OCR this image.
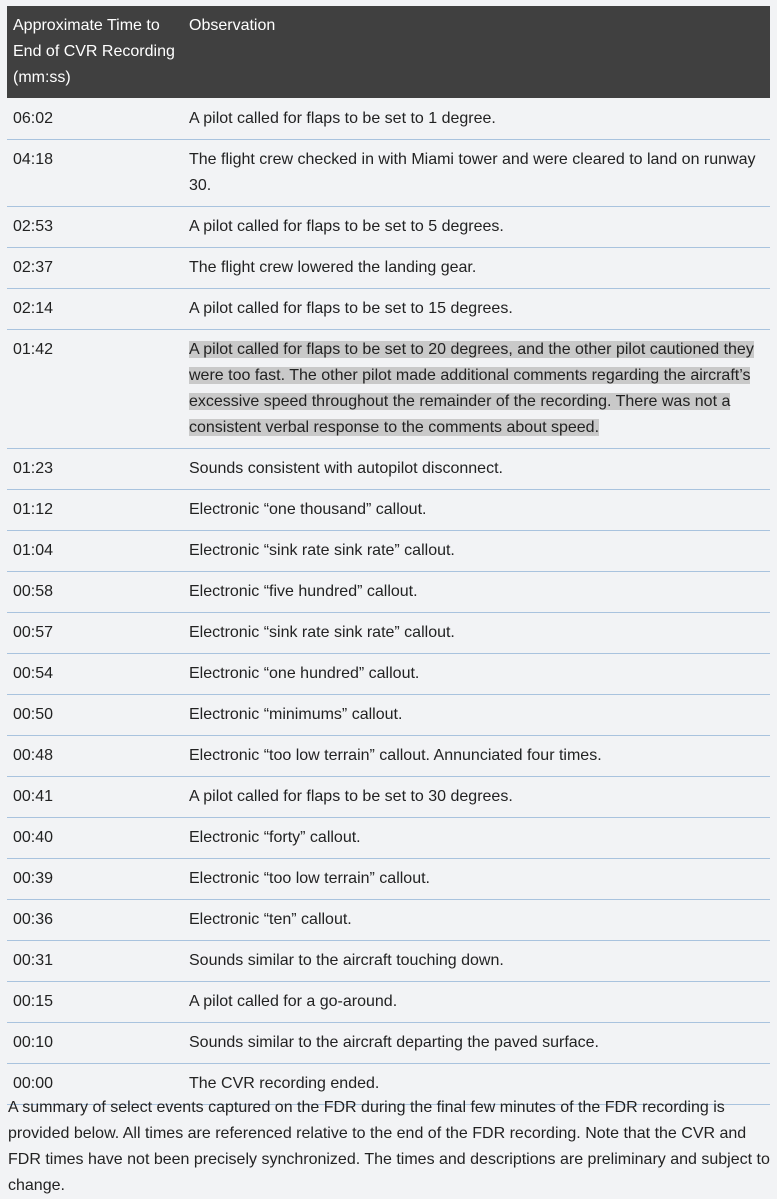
Approximate Time to End of CVR Recording (mm:ss)	Observation
06:02	A pilot called for flaps to be set to 1 degree.
04:18	The flight crew checked in with Miami tower and were cleared to land on runway 30.
02:53	A pilot called for flaps to be set to 5 degrees.
02:37	The flight crew lowered the landing gear.
02:14	A pilot called for flaps to be set to 15 degrees.
01:42	A pilot called for flaps to be set to 20 degrees, and the other pilot cautioned they were too fast. The other pilot made additional comments regarding the aircraft’s excessive speed throughout the remainder of the recording. There was not a consistent verbal response to the comments about speed.
01:23	Sounds consistent with autopilot disconnect.
01:12	Electronic “one thousand” callout.
01:04	Electronic “sink rate sink rate” callout.
00:58	Electronic “five hundred” callout.
00:57	Electronic “sink rate sink rate” callout.
00:54	Electronic “one hundred” callout.
00:50	Electronic “minimums” callout.
00:48	Electronic “too low terrain” callout. Annunciated four times.
00:41	A pilot called for flaps to be set to 30 degrees.
00:40	Electronic “forty” callout.
00:39	Electronic “too low terrain” callout.
00:36	Electronic “ten” callout.
00:31	Sounds similar to the aircraft touching down.
00:15	A pilot called for a go-around.
00:10	Sounds similar to the aircraft departing the paved surface.
00:00	The CVR recording ended.

A summary of select events captured on the FDR during the final few minutes of the FDR recording is provided below. All times are referenced relative to the end of the FDR recording. Note that the CVR and FDR times have not been precisely synchronized. The times and descriptions are preliminary and subject to change.
